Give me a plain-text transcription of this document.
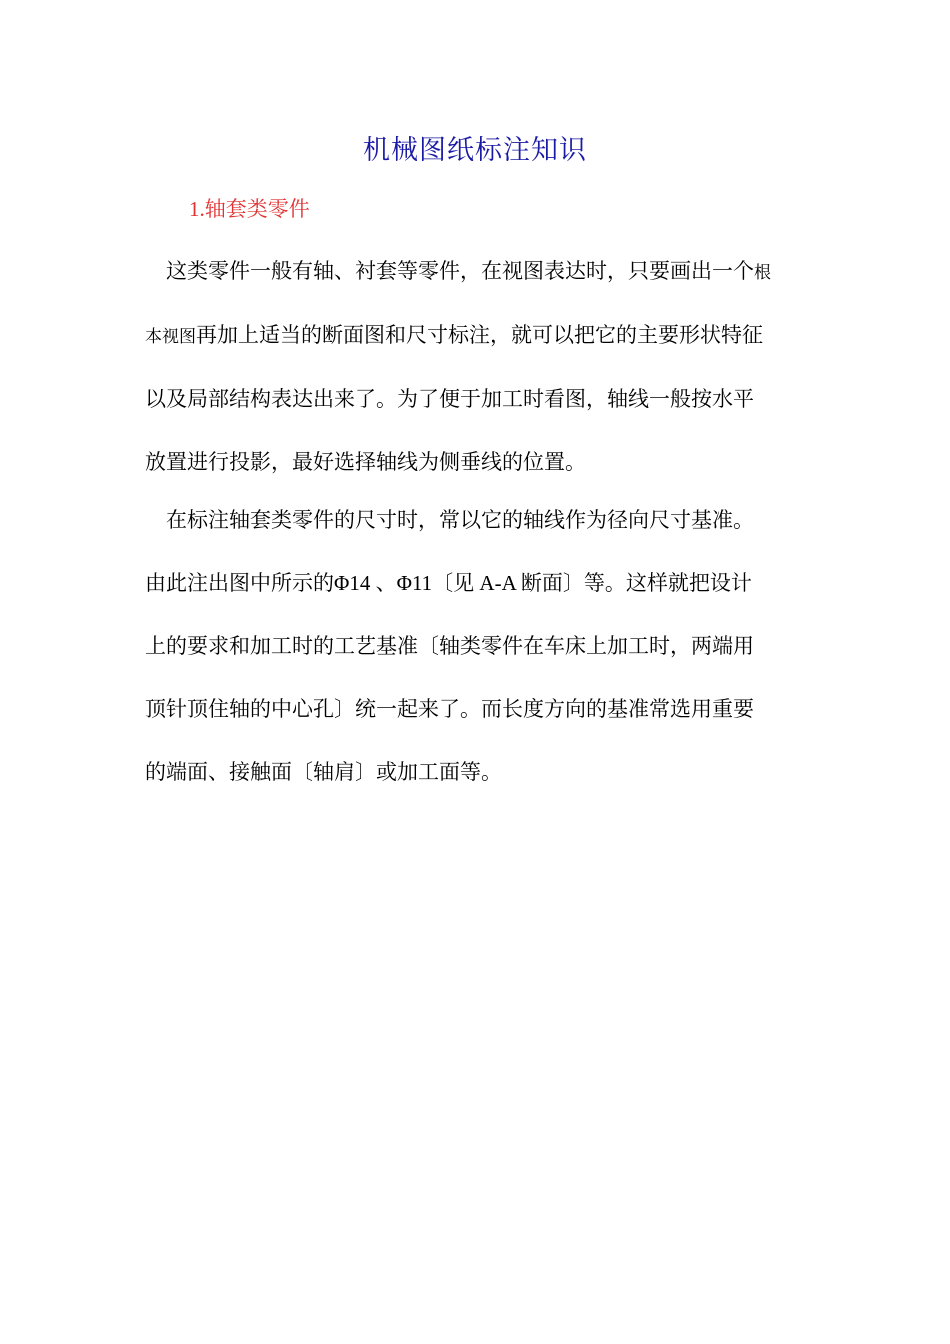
机械图纸标注知识
1.轴套类零件
这类零件一般有轴、衬套等零件，在视图表达时，只要画出一个根
本视图再加上适当的断面图和尺寸标注，就可以把它的主要形状特征
以及局部结构表达出来了。为了便于加工时看图，轴线一般按水平
放置进行投影，最好选择轴线为侧垂线的位置。
在标注轴套类零件的尺寸时，常以它的轴线作为径向尺寸基准。
由此注出图中所示的Φ14 、Φ11〔见 A-A 断面〕等。这样就把设计
上的要求和加工时的工艺基准〔轴类零件在车床上加工时，两端用
顶针顶住轴的中心孔〕统一起来了。而长度方向的基准常选用重要
的端面、接触面〔轴肩〕或加工面等。
